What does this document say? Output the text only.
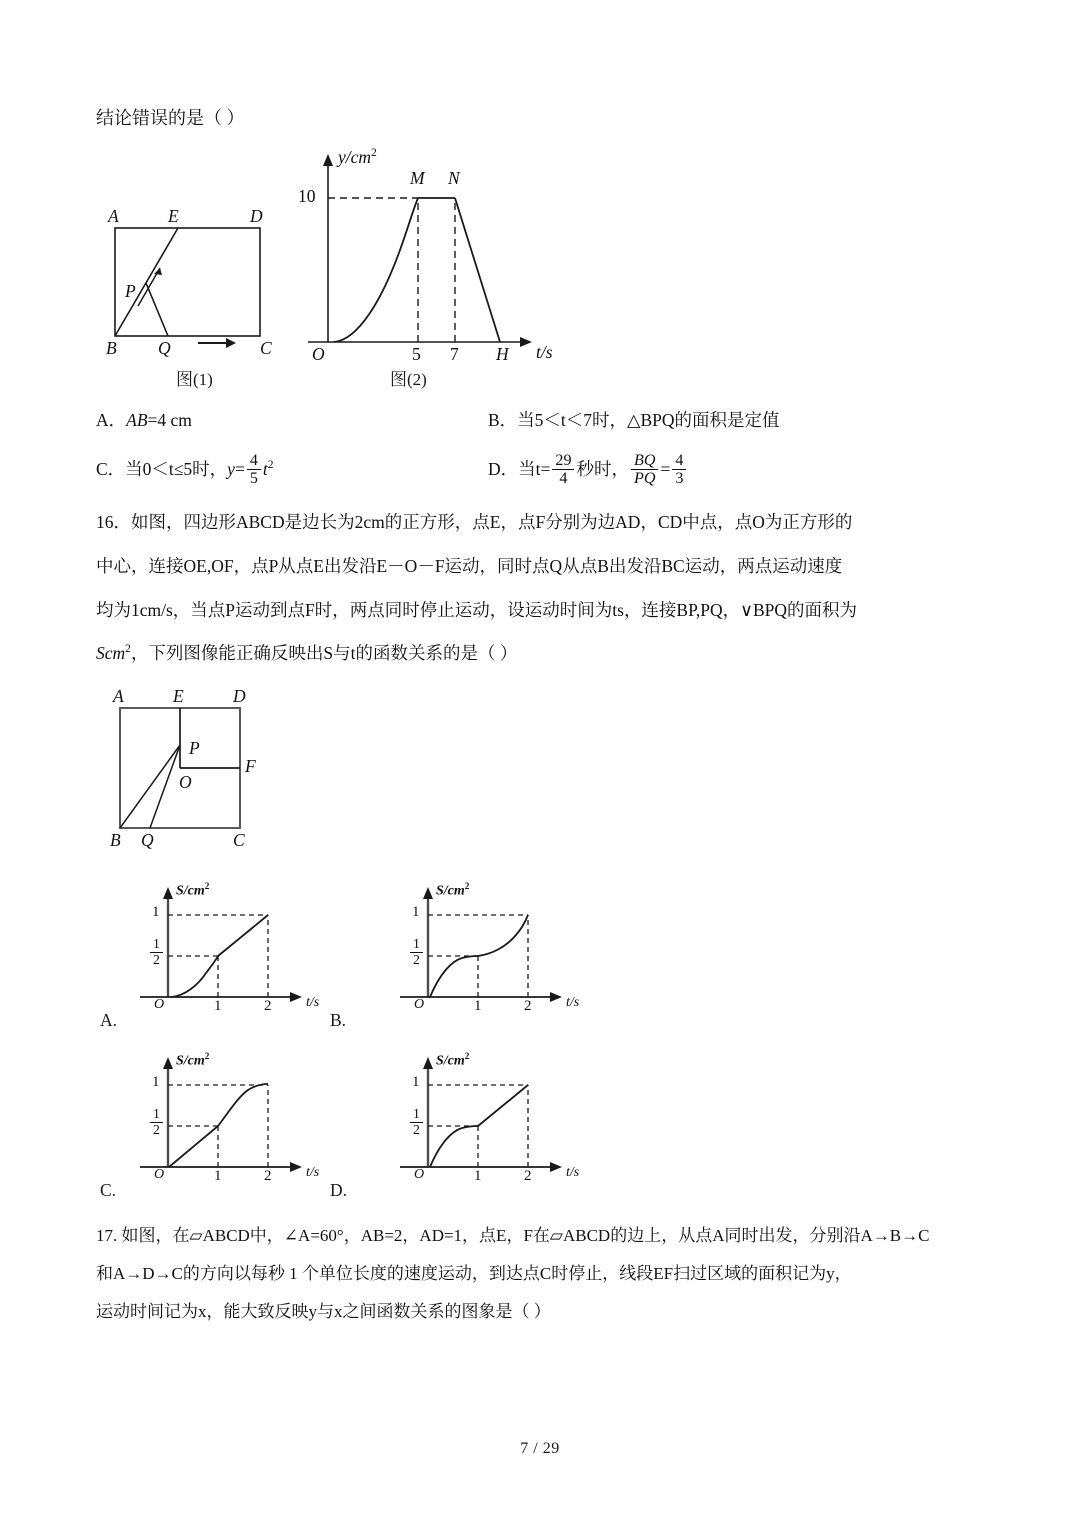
结论错误的是（ ）
A	E	D
P
B Q	C
图(1)
$y/cm^2$
10
M N
O	5 7 H t/s
图(2)
A．AB=4 cm	B．当5＜t＜7时，△BPQ的面积是定值
C．当0＜t≤5时，$y= \frac{4}{5} t^2$	D．当$t= \frac{29}{4}$ 秒时， $\frac{BQ}{PQ} = \frac{4}{3}$
16．如图，四边形ABCD是边长为2cm的正方形，点E，点F分别为边AD，CD中点，点O为正方形的
中心，连接OE,OF，点P从点E出发沿E－O－F运动，同时点Q从点B出发沿BC运动，两点运动速度
均为1cm/s，当点P运动到点F时，两点同时停止运动，设运动时间为ts，连接BP,PQ，∨BPQ的面积为
Scm$^2$，下列图像能正确反映出S与t的函数关系的是（ ）
A	E	D
P
F
O
B Q	C
$S/cm^2$
1
$\frac{1}{2}$
O	1	2 t/s
A.
$S/cm^2$
1
$\frac{1}{2}$
O	1	2 t/s
B.
$S/cm^2$
1
$\frac{1}{2}$
O	1	2 t/s
C.
$S/cm^2$
1
$\frac{1}{2}$
O	1	2 t/s
D.
17. 如图，在▱ABCD中，∠A=60°，AB=2，AD=1，点E，F在▱ABCD的边上，从点A同时出发，分别沿A→B→C
和A→D→C的方向以每秒 1 个单位长度的速度运动，到达点C时停止，线段EF扫过区域的面积记为y，
运动时间记为x，能大致反映y与x之间函数关系的图象是（ ）
7 / 29
